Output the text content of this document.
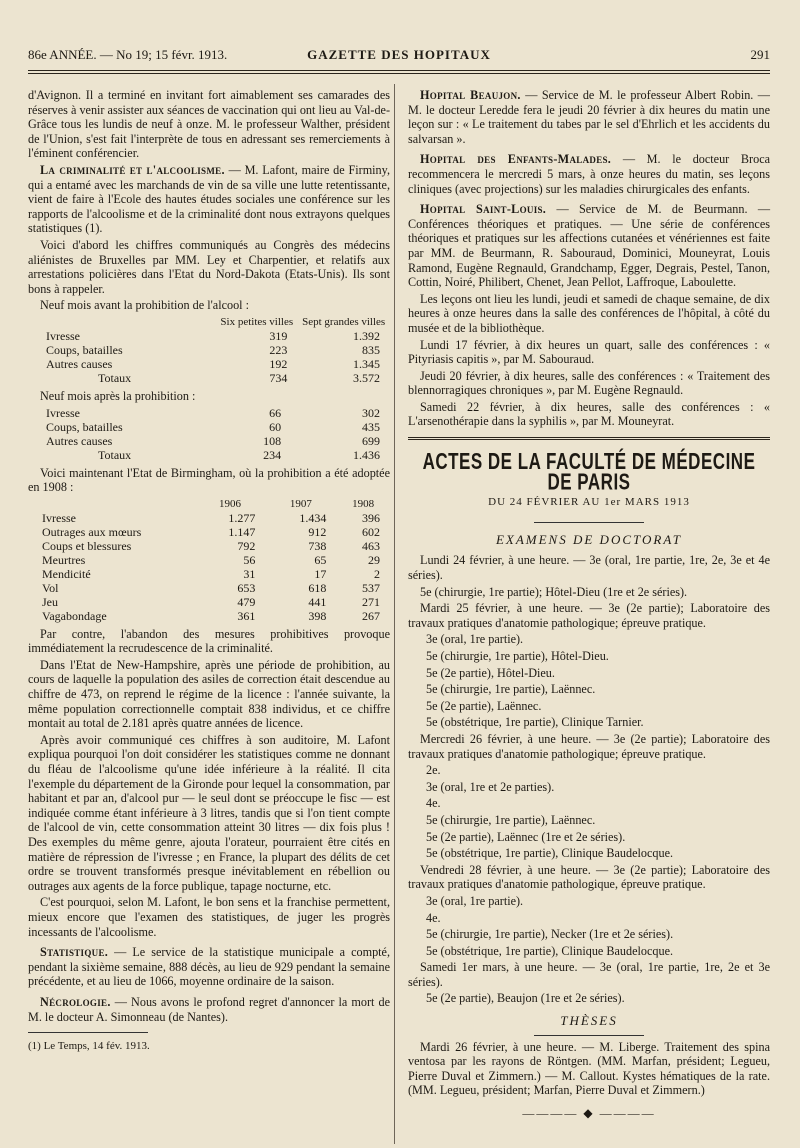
86e ANNÉE. — No 19; 15 févr. 1913.	GAZETTE DES HOPITAUX	291

d'Avignon. Il a terminé en invitant fort aimablement ses camarades des réserves à venir assister aux séances de vaccination qui ont lieu au Val-de-Grâce tous les lundis de neuf à onze. M. le professeur Walther, président de l'Union, s'est fait l'interprète de tous en adressant ses remerciements à l'éminent conférencier.

La criminalité et l'alcoolisme. — M. Lafont, maire de Firminy, qui a entamé avec les marchands de vin de sa ville une lutte retentissante, vient de faire à l'Ecole des hautes études sociales une conférence sur les rapports de l'alcoolisme et de la criminalité dont nous extrayons quelques statistiques (1).

Voici d'abord les chiffres communiqués au Congrès des médecins aliénistes de Bruxelles par MM. Ley et Charpentier, et relatifs aux arrestations policières dans l'Etat du Nord-Dakota (Etats-Unis). Ils sont bons à rappeler.

Neuf mois avant la prohibition de l'alcool :

	Six petites villes	Sept grandes villes
Ivresse	319	1.392
Coups, batailles	223	835
Autres causes	192	1.345
Totaux	734	3.572

Neuf mois après la prohibition :

Ivresse	66	302
Coups, batailles	60	435
Autres causes	108	699
Totaux	234	1.436

Voici maintenant l'Etat de Birmingham, où la prohibition a été adoptée en 1908 :

	1906	1907	1908
Ivresse	1.277	1.434	396
Outrages aux mœurs	1.147	912	602
Coups et blessures	792	738	463
Meurtres	56	65	29
Mendicité	31	17	2
Vol	653	618	537
Jeu	479	441	271
Vagabondage	361	398	267

Par contre, l'abandon des mesures prohibitives provoque immédiatement la recrudescence de la criminalité.

Dans l'Etat de New-Hampshire, après une période de prohibition, au cours de laquelle la population des asiles de correction était descendue au chiffre de 473, on reprend le régime de la licence : l'année suivante, la même population correctionnelle comptait 838 individus, et ce chiffre montait au total de 2.181 après quatre années de licence.

Après avoir communiqué ces chiffres à son auditoire, M. Lafont expliqua pourquoi l'on doit considérer les statistiques comme ne donnant du fléau de l'alcoolisme qu'une idée inférieure à la réalité. Il cita l'exemple du département de la Gironde pour lequel la consommation, par habitant et par an, d'alcool pur — le seul dont se préoccupe le fisc — est indiquée comme étant inférieure à 3 litres, tandis que si l'on tient compte de l'alcool de vin, cette consommation atteint 30 litres — dix fois plus ! Des exemples du même genre, ajouta l'orateur, pourraient être cités en matière de répression de l'ivresse ; en France, la plupart des délits de cet ordre se trouvent transformés presque inévitablement en rébellion ou outrages aux agents de la force publique, tapage nocturne, etc.

C'est pourquoi, selon M. Lafont, le bon sens et la franchise permettent, mieux encore que l'examen des statistiques, de juger les progrès incessants de l'alcoolisme.

Statistique. — Le service de la statistique municipale a compté, pendant la sixième semaine, 888 décès, au lieu de 929 pendant la semaine précédente, et au lieu de 1066, moyenne ordinaire de la saison.

Nécrologie. — Nous avons le profond regret d'annoncer la mort de M. le docteur A. Simonneau (de Nantes).

(1) Le Temps, 14 fév. 1913.

Hopital Beaujon. — Service de M. le professeur Albert Robin. — M. le docteur Leredde fera le jeudi 20 février à dix heures du matin une leçon sur : « Le traitement du tabes par le sel d'Ehrlich et les accidents du salvarsan ».

Hopital des Enfants-Malades. — M. le docteur Broca recommencera le mercredi 5 mars, à onze heures du matin, ses leçons cliniques (avec projections) sur les maladies chirurgicales des enfants.

Hopital Saint-Louis. — Service de M. de Beurmann. — Conférences théoriques et pratiques. — Une série de conférences théoriques et pratiques sur les affections cutanées et vénériennes est faite par MM. de Beurmann, R. Sabouraud, Dominici, Mouneyrat, Louis Ramond, Eugène Regnauld, Grandchamp, Egger, Degrais, Pestel, Tanon, Cottin, Noiré, Philibert, Chenet, Jean Pellot, Laffroque, Laboulette.

Les leçons ont lieu les lundi, jeudi et samedi de chaque semaine, de dix heures à onze heures dans la salle des conférences de l'hôpital, à côté du musée et de la bibliothèque.

Lundi 17 février, à dix heures un quart, salle des conférences : « Pityriasis capitis », par M. Sabouraud.

Jeudi 20 février, à dix heures, salle des conférences : « Traitement des blennorragiques chroniques », par M. Eugène Regnauld.

Samedi 22 février, à dix heures, salle des conférences : « L'arsenothérapie dans la syphilis », par M. Mouneyrat.

ACTES DE LA FACULTÉ DE MÉDECINE DE PARIS
DU 24 FÉVRIER AU 1er MARS 1913
EXAMENS DE DOCTORAT

Lundi 24 février, à une heure. — 3e (oral, 1re partie, 1re, 2e, 3e et 4e séries).

5e (chirurgie, 1re partie); Hôtel-Dieu (1re et 2e séries).

Mardi 25 février, à une heure. — 3e (2e partie); Laboratoire des travaux pratiques d'anatomie pathologique; épreuve pratique.

3e (oral, 1re partie).

5e (chirurgie, 1re partie), Hôtel-Dieu.

5e (2e partie), Hôtel-Dieu.

5e (chirurgie, 1re partie), Laënnec.

5e (2e partie), Laënnec.

5e (obstétrique, 1re partie), Clinique Tarnier.

Mercredi 26 février, à une heure. — 3e (2e partie); Laboratoire des travaux pratiques d'anatomie pathologique; épreuve pratique.

2e.

3e (oral, 1re et 2e parties).

4e.

5e (chirurgie, 1re partie), Laënnec.

5e (2e partie), Laënnec (1re et 2e séries).

5e (obstétrique, 1re partie), Clinique Baudelocque.

Vendredi 28 février, à une heure. — 3e (2e partie); Laboratoire des travaux pratiques d'anatomie pathologique, épreuve pratique.

3e (oral, 1re partie).

4e.

5e (chirurgie, 1re partie), Necker (1re et 2e séries).

5e (obstétrique, 1re partie), Clinique Baudelocque.

Samedi 1er mars, à une heure. — 3e (oral, 1re partie, 1re, 2e et 3e séries).

5e (2e partie), Beaujon (1re et 2e séries).

THÈSES

Mardi 26 février, à une heure. — M. Liberge. Traitement des spina ventosa par les rayons de Röntgen. (MM. Marfan, président; Legueu, Pierre Duval et Zimmern.) — M. Callout. Kystes hématiques de la rate. (MM. Legueu, président; Marfan, Pierre Duval et Zimmern.)

———— ◆ ————
